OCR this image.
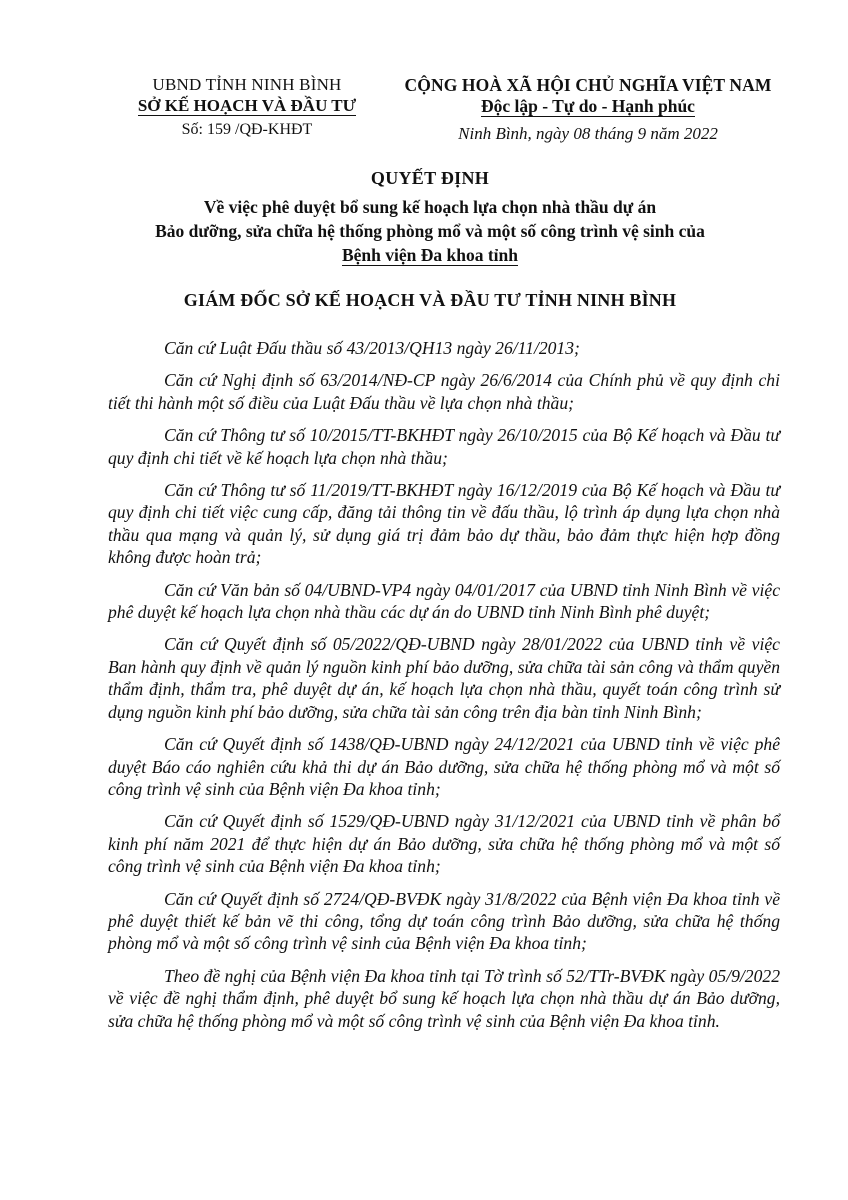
UBND TỈNH NINH BÌNH
SỞ KẾ HOẠCH VÀ ĐẦU TƯ
Số: 159 /QĐ-KHĐT
CỘNG HOÀ XÃ HỘI CHỦ NGHĨA VIỆT NAM
Độc lập - Tự do - Hạnh phúc
Ninh Bình, ngày 08 tháng 9 năm 2022
QUYẾT ĐỊNH
Về việc phê duyệt bổ sung kế hoạch lựa chọn nhà thầu dự án
Bảo dưỡng, sửa chữa hệ thống phòng mổ và một số công trình vệ sinh của
Bệnh viện Đa khoa tỉnh
GIÁM ĐỐC SỞ KẾ HOẠCH VÀ ĐẦU TƯ TỈNH NINH BÌNH

Căn cứ Luật Đấu thầu số 43/2013/QH13 ngày 26/11/2013;

Căn cứ Nghị định số 63/2014/NĐ-CP ngày 26/6/2014 của Chính phủ về quy định chi tiết thi hành một số điều của Luật Đấu thầu về lựa chọn nhà thầu;

Căn cứ Thông tư số 10/2015/TT-BKHĐT ngày 26/10/2015 của Bộ Kế hoạch và Đầu tư quy định chi tiết về kế hoạch lựa chọn nhà thầu;

Căn cứ Thông tư số 11/2019/TT-BKHĐT ngày 16/12/2019 của Bộ Kế hoạch và Đầu tư quy định chi tiết việc cung cấp, đăng tải thông tin về đấu thầu, lộ trình áp dụng lựa chọn nhà thầu qua mạng và quản lý, sử dụng giá trị đảm bảo dự thầu, bảo đảm thực hiện hợp đồng không được hoàn trả;

Căn cứ Văn bản số 04/UBND-VP4 ngày 04/01/2017 của UBND tỉnh Ninh Bình về việc phê duyệt kế hoạch lựa chọn nhà thầu các dự án do UBND tỉnh Ninh Bình phê duyệt;

Căn cứ Quyết định số 05/2022/QĐ-UBND ngày 28/01/2022 của UBND tỉnh về việc Ban hành quy định về quản lý nguồn kinh phí bảo dưỡng, sửa chữa tài sản công và thẩm quyền thẩm định, thẩm tra, phê duyệt dự án, kế hoạch lựa chọn nhà thầu, quyết toán công trình sử dụng nguồn kinh phí bảo dưỡng, sửa chữa tài sản công trên địa bàn tỉnh Ninh Bình;

Căn cứ Quyết định số 1438/QĐ-UBND ngày 24/12/2021 của UBND tỉnh về việc phê duyệt Báo cáo nghiên cứu khả thi dự án Bảo dưỡng, sửa chữa hệ thống phòng mổ và một số công trình vệ sinh của Bệnh viện Đa khoa tỉnh;

Căn cứ Quyết định số 1529/QĐ-UBND ngày 31/12/2021 của UBND tỉnh về phân bổ kinh phí năm 2021 để thực hiện dự án Bảo dưỡng, sửa chữa hệ thống phòng mổ và một số công trình vệ sinh của Bệnh viện Đa khoa tỉnh;

Căn cứ Quyết định số 2724/QĐ-BVĐK ngày 31/8/2022 của Bệnh viện Đa khoa tỉnh về phê duyệt thiết kế bản vẽ thi công, tổng dự toán công trình Bảo dưỡng, sửa chữa hệ thống phòng mổ và một số công trình vệ sinh của Bệnh viện Đa khoa tỉnh;

Theo đề nghị của Bệnh viện Đa khoa tỉnh tại Tờ trình số 52/TTr-BVĐK ngày 05/9/2022 về việc đề nghị thẩm định, phê duyệt bổ sung kế hoạch lựa chọn nhà thầu dự án Bảo dưỡng, sửa chữa hệ thống phòng mổ và một số công trình vệ sinh của Bệnh viện Đa khoa tỉnh.
